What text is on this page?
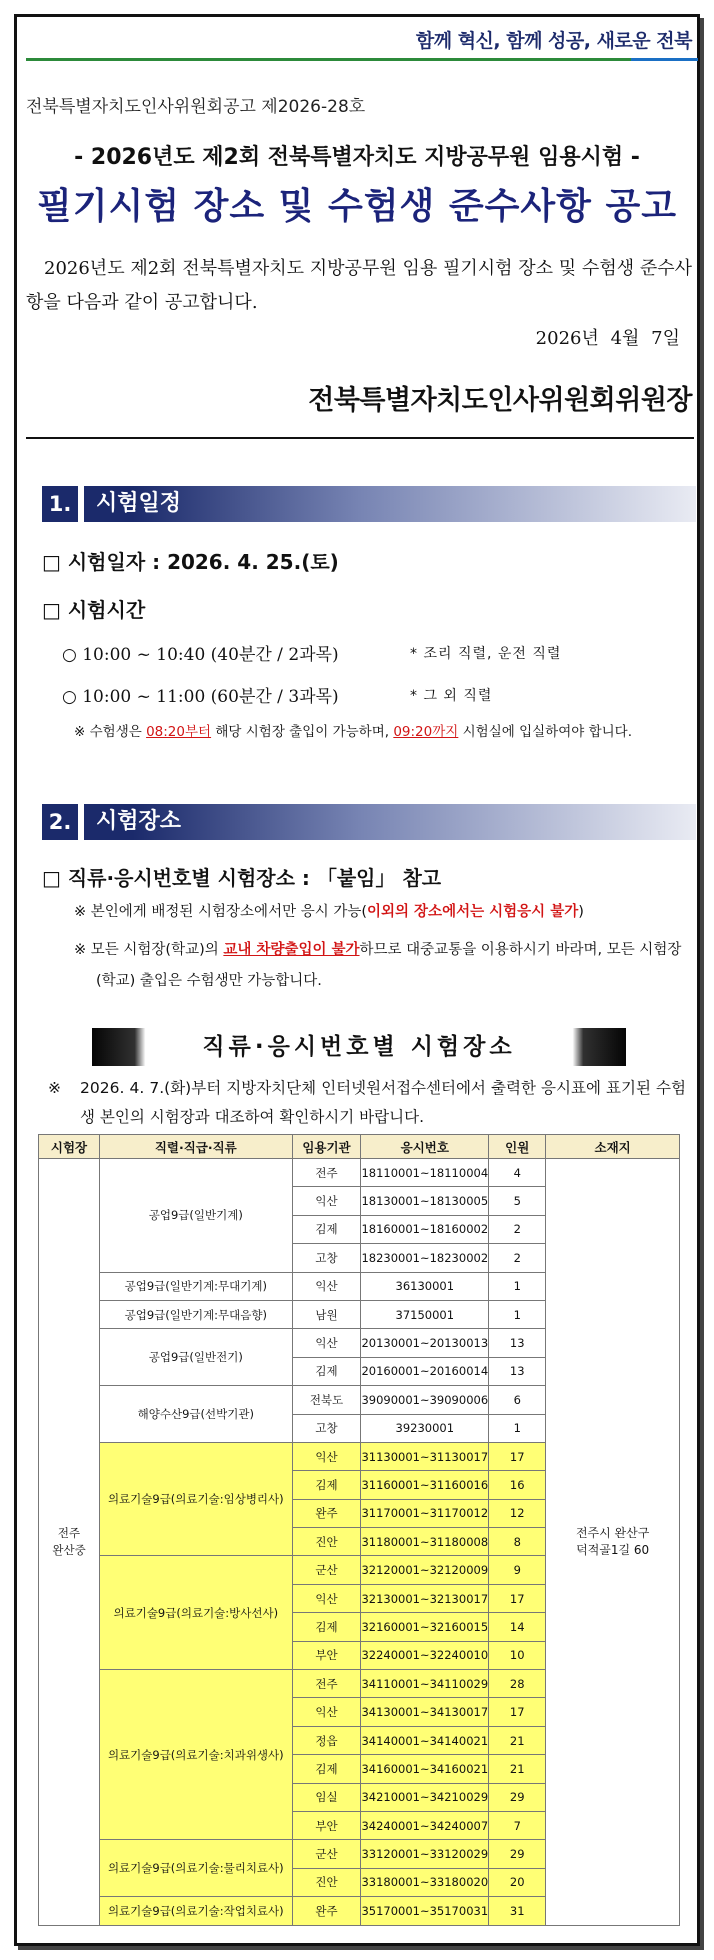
함께 혁신, 함께 성공, 새로운 전북
전북특별자치도인사위원회공고 제2026-28호
- 2026년도 제2회 전북특별자치도 지방공무원 임용시험 -
필기시험 장소 및 수험생 준수사항 공고
2026년도 제2회 전북특별자치도 지방공무원 임용 필기시험 장소 및 수험생 준수사항을 다음과 같이 공고합니다.
2026년 4월 7일
전북특별자치도인사위원회위원장
1.	시험일정
□ 시험일자 : 2026. 4. 25.(토)
□ 시험시간
○ 10:00 ~ 10:40 (40분간 / 2과목)	* 조리 직렬, 운전 직렬
○ 10:00 ~ 11:00 (60분간 / 3과목)	* 그 외 직렬
※ 수험생은 08:20부터 해당 시험장 출입이 가능하며, 09:20까지 시험실에 입실하여야 합니다.
2.	시험장소
□ 직류·응시번호별 시험장소 : 「붙임」 참고
※ 본인에게 배정된 시험장소에서만 응시 가능(이외의 장소에서는 시험응시 불가)
※ 모든 시험장(학교)의 교내 차량출입이 불가하므로 대중교통을 이용하시기 바라며, 모든 시험장(학교) 출입은 수험생만 가능합니다.
직류·응시번호별 시험장소
※	2026. 4. 7.(화)부터 지방자치단체 인터넷원서접수센터에서 출력한 응시표에 표기된 수험생 본인의 시험장과 대조하여 확인하시기 바랍니다.
시험장	직렬·직급·직류	임용기관	응시번호	인원	소재지
전주
완산중	공업9급(일반기계)	전주	18110001~18110004	4	전주시 완산구
덕적골1길 60
		익산	18130001~18130005	5	
		김제	18160001~18160002	2	
		고창	18230001~18230002	2	
	공업9급(일반기계:무대기계)	익산	36130001	1	
	공업9급(일반기계:무대음향)	남원	37150001	1	
	공업9급(일반전기)	익산	20130001~20130013	13	
		김제	20160001~20160014	13	
	해양수산9급(선박기관)	전북도	39090001~39090006	6	
		고창	39230001	1	
	의료기술9급(의료기술:임상병리사)	익산	31130001~31130017	17	
		김제	31160001~31160016	16	
		완주	31170001~31170012	12	
		진안	31180001~31180008	8	
	의료기술9급(의료기술:방사선사)	군산	32120001~32120009	9	
		익산	32130001~32130017	17	
		김제	32160001~32160015	14	
		부안	32240001~32240010	10	
	의료기술9급(의료기술:치과위생사)	전주	34110001~34110029	28	
		익산	34130001~34130017	17	
		정읍	34140001~34140021	21	
		김제	34160001~34160021	21	
		임실	34210001~34210029	29	
		부안	34240001~34240007	7	
	의료기술9급(의료기술:물리치료사)	군산	33120001~33120029	29	
		진안	33180001~33180020	20	
	의료기술9급(의료기술:작업치료사)	완주	35170001~35170031	31	
